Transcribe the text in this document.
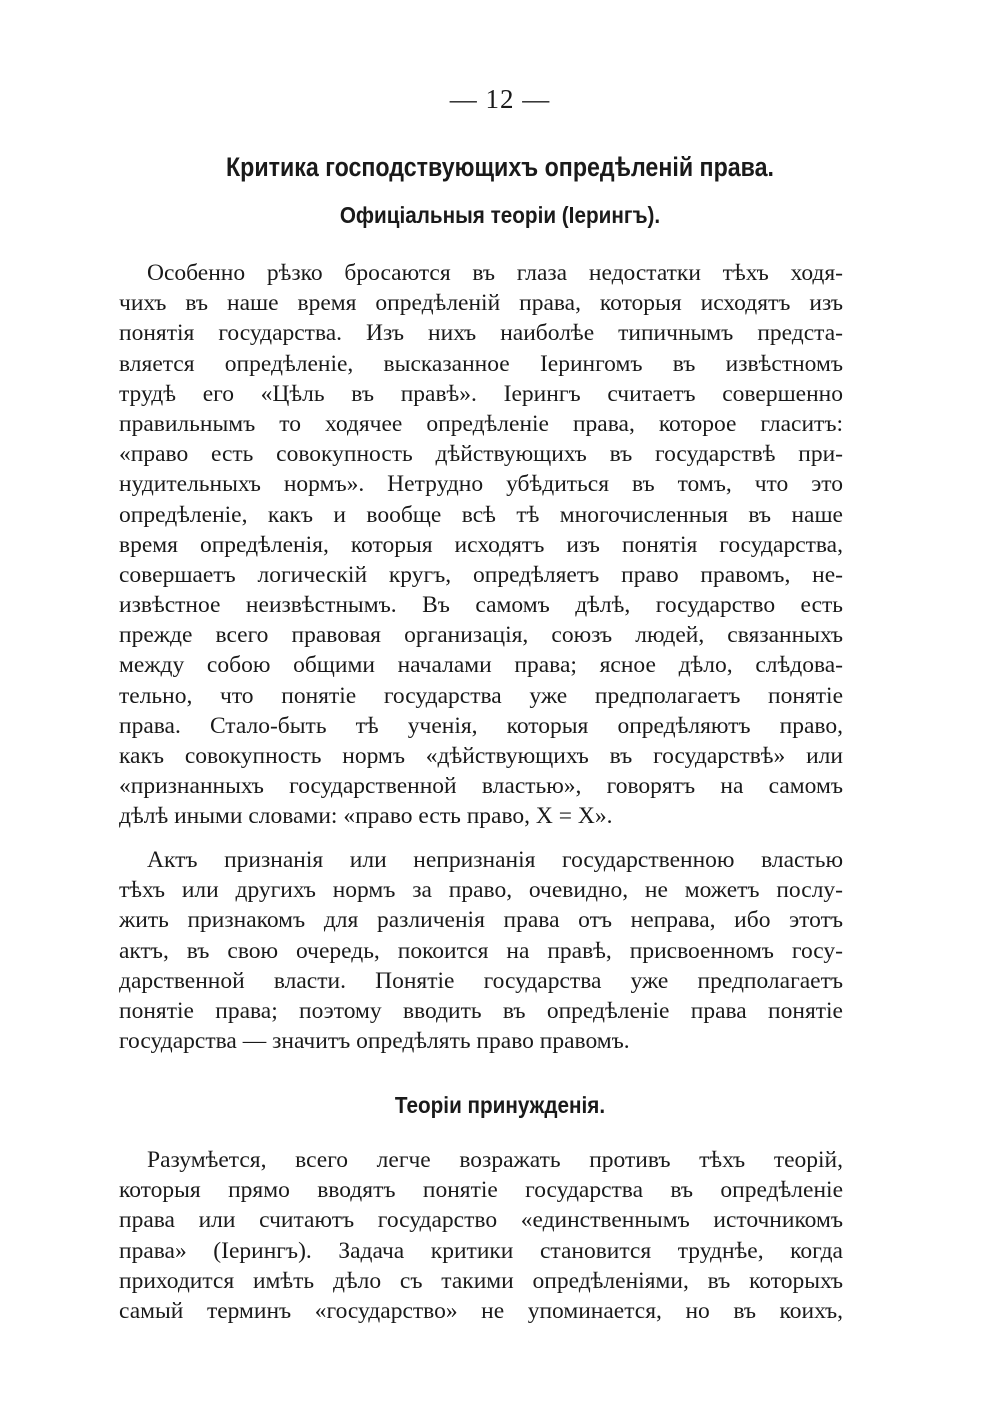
— 12 —
Критика господствующихъ опредѣленій права.
Офиціальныя теоріи (Іерингъ).
Особенно рѣзко бросаются въ глаза недостатки тѣхъ ходя-
чихъ въ наше время опредѣленій права, которыя исходятъ изъ
понятія государства. Изъ нихъ наиболѣе типичнымъ предста-
вляется опредѣленіе, высказанное Іерингомъ въ извѣстномъ
трудѣ его «Цѣль въ правѣ». Іерингъ считаетъ совершенно
правильнымъ то ходячее опредѣленіе права, которое гласитъ:
«право есть совокупность дѣйствующихъ въ государствѣ при-
нудительныхъ нормъ». Нетрудно убѣдиться въ томъ, что это
опредѣленіе, какъ и вообще всѣ тѣ многочисленныя въ наше
время опредѣленія, которыя исходятъ изъ понятія государства,
совершаетъ логическій кругъ, опредѣляетъ право правомъ, не-
извѣстное неизвѣстнымъ. Въ самомъ дѣлѣ, государство есть
прежде всего правовая организація, союзъ людей, связанныхъ
между собою общими началами права; ясное дѣло, слѣдова-
тельно, что понятіе государства уже предполагаетъ понятіе
права. Стало-быть тѣ ученія, которыя опредѣляютъ право,
какъ совокупность нормъ «дѣйствующихъ въ государствѣ» или
«признанныхъ государственной властью», говорятъ на самомъ
дѣлѣ иными словами: «право есть право, X = X».
Актъ признанія или непризнанія государственною властью
тѣхъ или другихъ нормъ за право, очевидно, не можетъ послу-
жить признакомъ для различенія права отъ неправа, ибо этотъ
актъ, въ свою очередь, покоится на правѣ, присвоенномъ госу-
дарственной власти. Понятіе государства уже предполагаетъ
понятіе права; поэтому вводить въ опредѣленіе права понятіе
государства — значитъ опредѣлять право правомъ.
Теоріи принужденія.
Разумѣется, всего легче возражать противъ тѣхъ теорій,
которыя прямо вводятъ понятіе государства въ опредѣленіе
права или считаютъ государство «единственнымъ источникомъ
права» (Іерингъ). Задача критики становится труднѣе, когда
приходится имѣть дѣло съ такими опредѣленіями, въ которыхъ
самый терминъ «государство» не упоминается, но въ коихъ,
